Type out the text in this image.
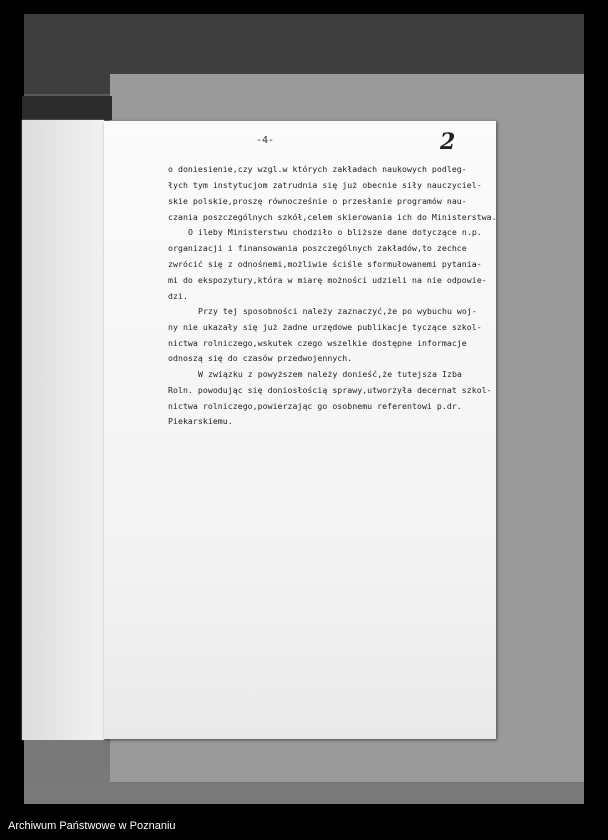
-4-	2
o doniesienie,czy wzgl.w których zakładach naukowych podleg-
łych tym instytucjom zatrudnia się już obecnie siły nauczyciel-
skie polskie,proszę równocześnie o przesłanie programów nau-
czania poszczególnych szkół,celem skierowania ich do Ministerstwa.
O ileby Ministerstwu chodziło o bliższe dane dotyczące n.p.
organizacji i finansowania poszczególnych zakładów,to zechce
zwrócić się z odnośnemi,możliwie ściśle sformułowanemi pytania-
mi do ekspozytury,która w miarę możności udzieli na nie odpowie-
dzi.
Przy tej sposobności należy zaznaczyć,że po wybuchu woj-
ny nie ukazały się już żadne urzędowe publikacje tyczące szkol-
nictwa rolniczego,wskutek czego wszelkie dostępne informacje
odnoszą się do czasów przedwojennych.
W związku z powyższem należy donieść,że tutejsza Izba
Roln. powodując się doniosłością sprawy,utworzyła decernat szkol-
nictwa rolniczego,powierzając go osobnemu referentowi p.dr.
Piekarskiemu.
Archiwum Państwowe w Poznaniu
